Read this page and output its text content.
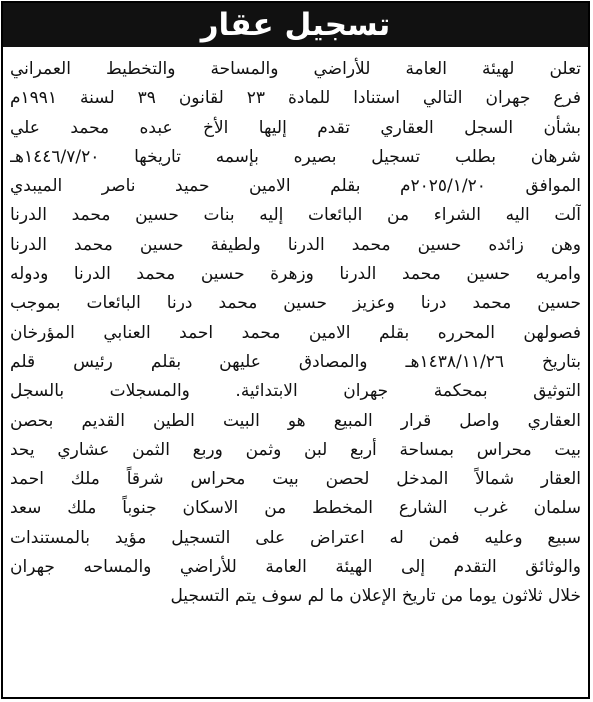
تسجيل عقار
تعلن لهيئة العامة للأراضي والمساحة والتخطيط العمراني
فرع جهران التالي استنادا للمادة ٢٣ لقانون ٣٩ لسنة ١٩٩١م
بشأن السجل العقاري تقدم إليها الأخ عبده محمد علي
شرهان بطلب تسجيل بصيره بإسمه تاريخها ١٤٤٦/٧/٢٠هـ
الموافق ٢٠٢٥/١/٢٠م بقلم الامين حميد ناصر الميبدي
آلت اليه الشراء من البائعات إليه بنات حسين محمد الدرنا
وهن زائده حسين محمد الدرنا ولطيفة حسين محمد الدرنا
وامريه حسين محمد الدرنا وزهرة حسين محمد الدرنا ودوله
حسين محمد درنا وعزيز حسين محمد درنا البائعات بموجب
فصولهن المحرره بقلم الامين محمد احمد العنابي المؤرخان
بتاريخ ١٤٣٨/١١/٢٦هـ والمصادق عليهن بقلم رئيس قلم
التوثيق بمحكمة جهران الابتدائية. والمسجلات بالسجل
العقاري واصل قرار المبيع هو البيت الطين القديم بحصن
بيت محراس بمساحة أربع لبن وثمن وربع الثمن عشاري يحد
العقار شمالاً المدخل لحصن بيت محراس شرقاً ملك احمد
سلمان غرب الشارع المخطط من الاسكان جنوباً ملك سعد
سبيع وعليه فمن له اعتراض على التسجيل مؤيد بالمستندات
والوثائق التقدم إلى الهيئة العامة للأراضي والمساحه جهران
خلال ثلاثون يوما من تاريخ الإعلان ما لم سوف يتم التسجيل
